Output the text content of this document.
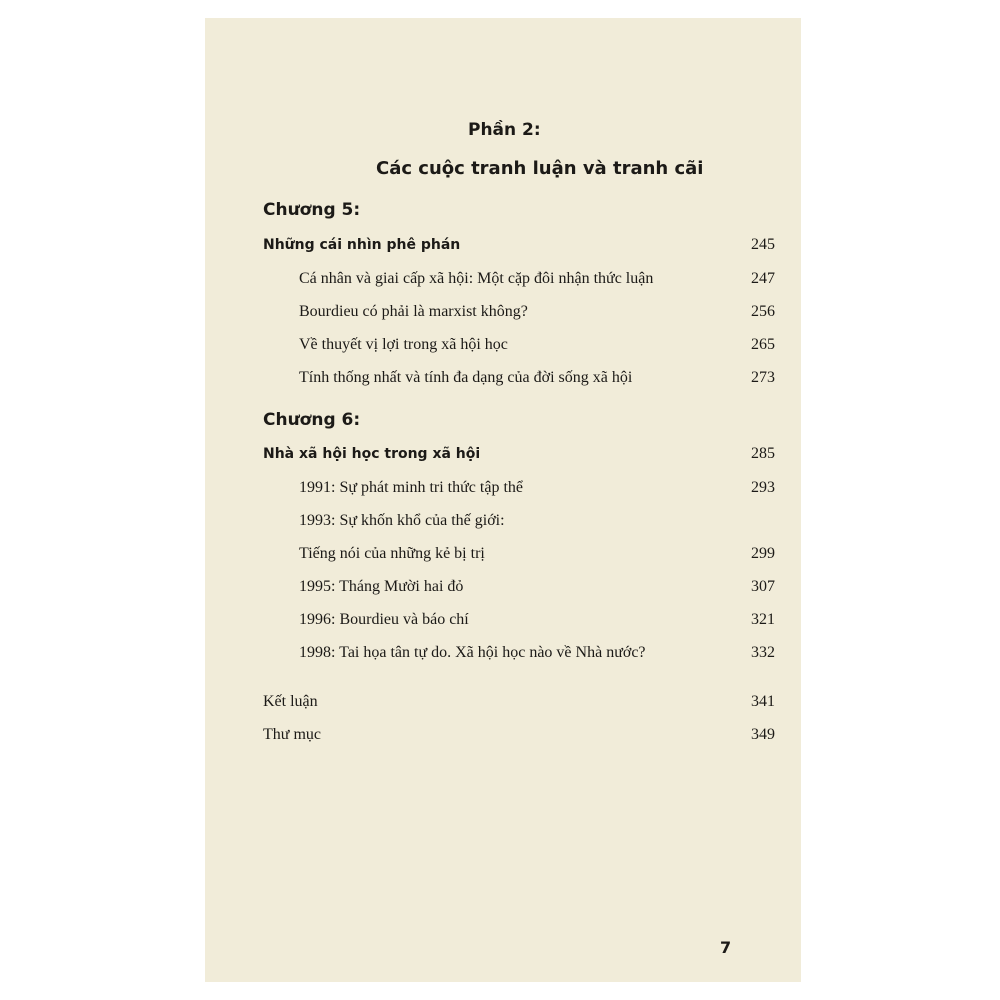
Phần 2:
Các cuộc tranh luận và tranh cãi
Chương 5:
Những cái nhìn phê phán	245
Cá nhân và giai cấp xã hội: Một cặp đôi nhận thức luận	247
Bourdieu có phải là marxist không?	256
Về thuyết vị lợi trong xã hội học	265
Tính thống nhất và tính đa dạng của đời sống xã hội	273
Chương 6:
Nhà xã hội học trong xã hội	285
1991: Sự phát minh tri thức tập thể	293
1993: Sự khốn khổ của thế giới:
Tiếng nói của những kẻ bị trị	299
1995: Tháng Mười hai đỏ	307
1996: Bourdieu và báo chí	321
1998: Tai họa tân tự do. Xã hội học nào về Nhà nước?	332
Kết luận	341
Thư mục	349
7
